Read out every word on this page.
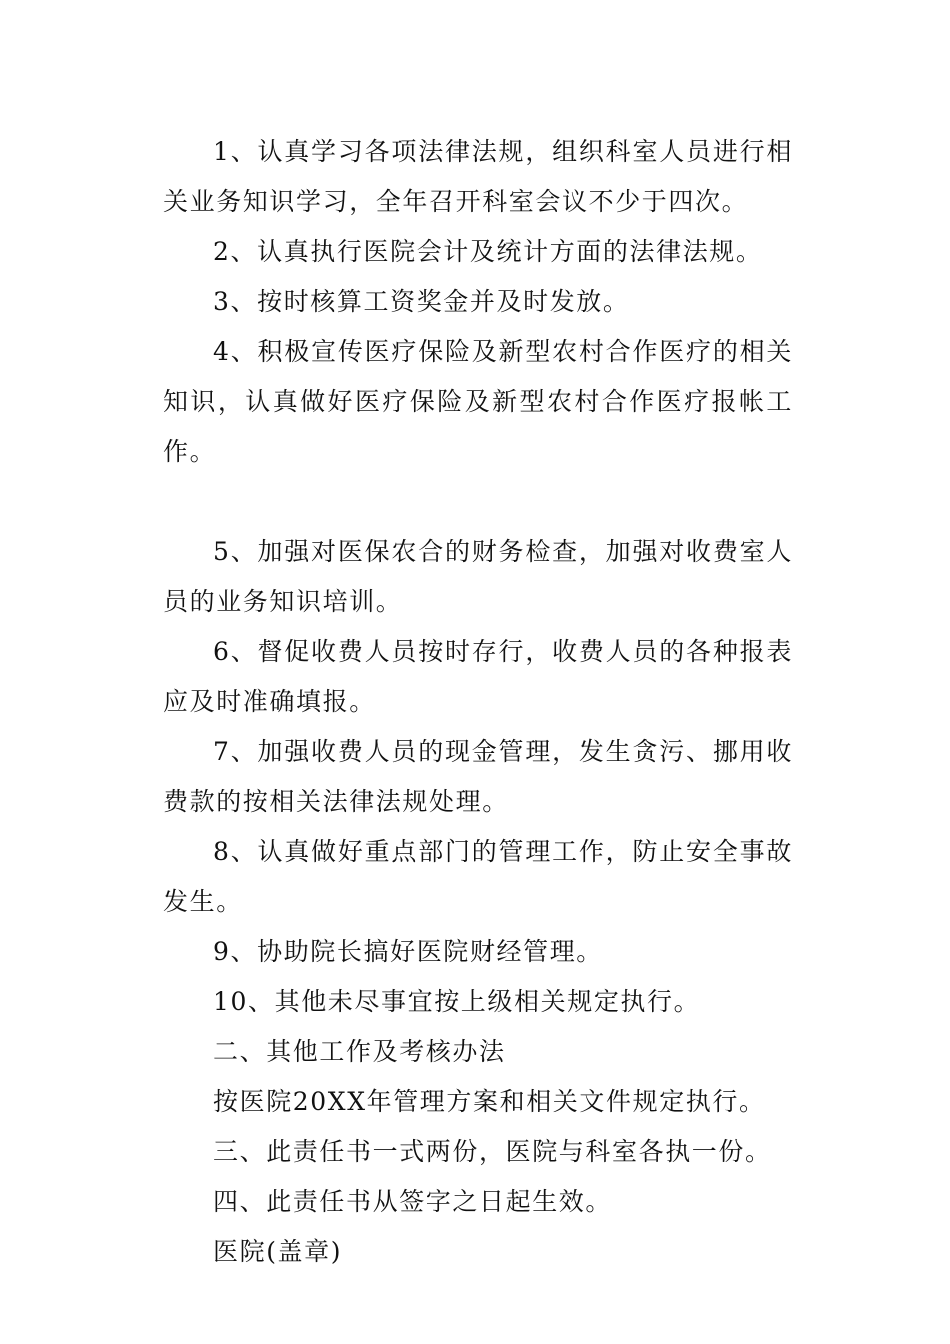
1、认真学习各项法律法规，组织科室人员进行相关业务知识学习，全年召开科室会议不少于四次。

2、认真执行医院会计及统计方面的法律法规。

3、按时核算工资奖金并及时发放。

4、积极宣传医疗保险及新型农村合作医疗的相关知识，认真做好医疗保险及新型农村合作医疗报帐工作。

5、加强对医保农合的财务检查，加强对收费室人员的业务知识培训。

6、督促收费人员按时存行，收费人员的各种报表应及时准确填报。

7、加强收费人员的现金管理，发生贪污、挪用收费款的按相关法律法规处理。

8、认真做好重点部门的管理工作，防止安全事故发生。

9、协助院长搞好医院财经管理。

10、其他未尽事宜按上级相关规定执行。

二、其他工作及考核办法

按医院20XX年管理方案和相关文件规定执行。

三、此责任书一式两份，医院与科室各执一份。

四、此责任书从签字之日起生效。

医院(盖章)
